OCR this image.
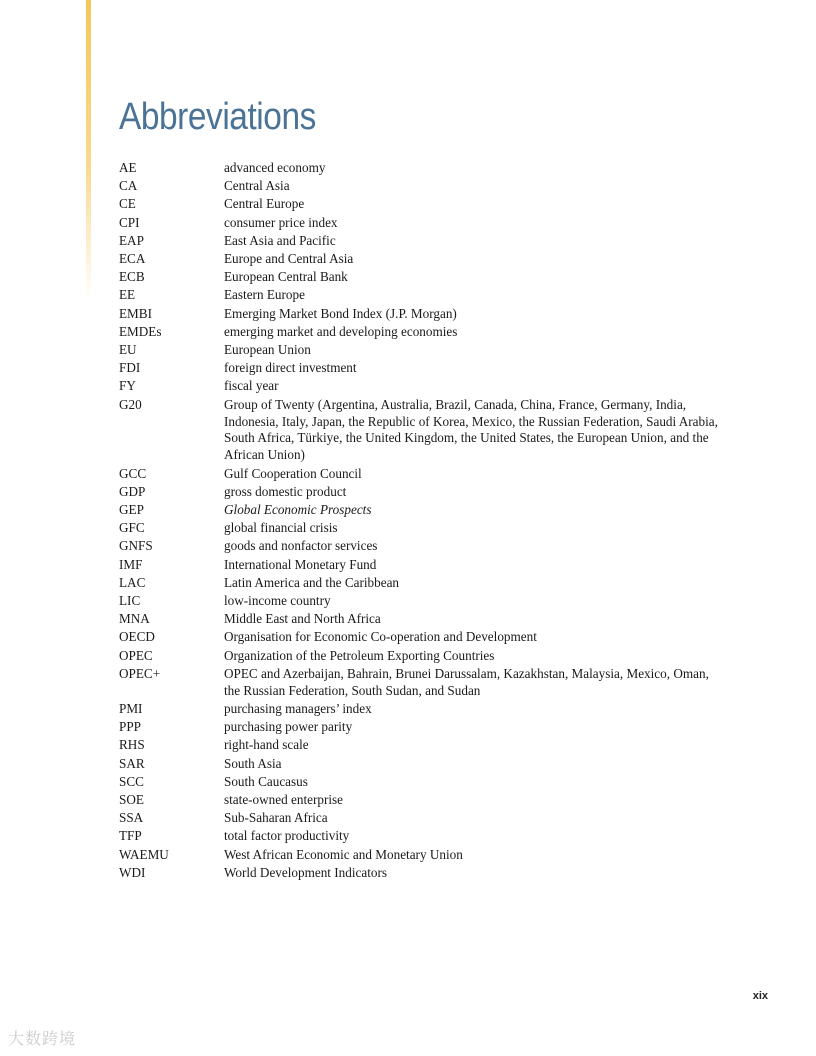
Abbreviations
AE	advanced economy
CA	Central Asia
CE	Central Europe
CPI	consumer price index
EAP	East Asia and Pacific
ECA	Europe and Central Asia
ECB	European Central Bank
EE	Eastern Europe
EMBI	Emerging Market Bond Index (J.P. Morgan)
EMDEs	emerging market and developing economies
EU	European Union
FDI	foreign direct investment
FY	fiscal year
G20	Group of Twenty (Argentina, Australia, Brazil, Canada, China, France, Germany, India, Indonesia, Italy, Japan, the Republic of Korea, Mexico, the Russian Federation, Saudi Arabia, South Africa, Türkiye, the United Kingdom, the United States, the European Union, and the African Union)
GCC	Gulf Cooperation Council
GDP	gross domestic product
GEP	Global Economic Prospects
GFC	global financial crisis
GNFS	goods and nonfactor services
IMF	International Monetary Fund
LAC	Latin America and the Caribbean
LIC	low-income country
MNA	Middle East and North Africa
OECD	Organisation for Economic Co-operation and Development
OPEC	Organization of the Petroleum Exporting Countries
OPEC+	OPEC and Azerbaijan, Bahrain, Brunei Darussalam, Kazakhstan, Malaysia, Mexico, Oman, the Russian Federation, South Sudan, and Sudan
PMI	purchasing managers’ index
PPP	purchasing power parity
RHS	right-hand scale
SAR	South Asia
SCC	South Caucasus
SOE	state-owned enterprise
SSA	Sub-Saharan Africa
TFP	total factor productivity
WAEMU	West African Economic and Monetary Union
WDI	World Development Indicators
xix
大数跨境
